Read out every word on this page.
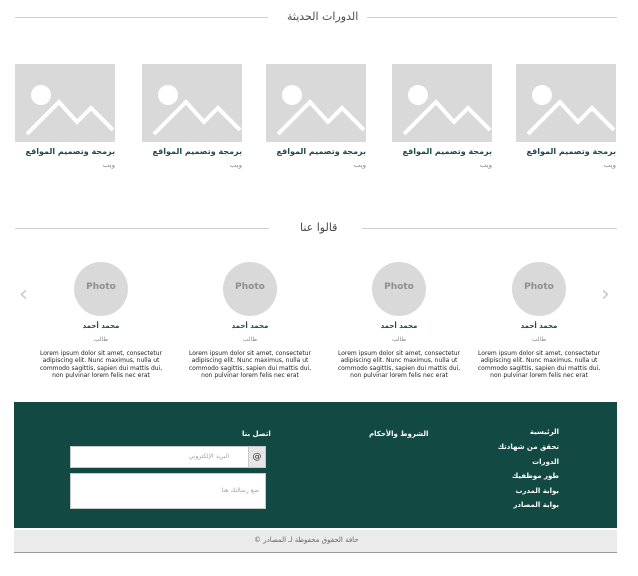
الدورات الحديثة
برمجة وتصميم المواقع
ويب
برمجة وتصميم المواقع
ويب
برمجة وتصميم المواقع
ويب
برمجة وتصميم المواقع
ويب
برمجة وتصميم المواقع
ويب
قالوا عنا
‹	›
Photo
محمد أحمد
طالب
Lorem ipsum dolor sit amet, consectetur adipiscing elit. Nunc maximus, nulla ut commodo sagittis, sapien dui mattis dui, non pulvinar lorem felis nec erat
Photo
محمد أحمد
طالب
Lorem ipsum dolor sit amet, consectetur adipiscing elit. Nunc maximus, nulla ut commodo sagittis, sapien dui mattis dui, non pulvinar lorem felis nec erat
Photo
محمد أحمد
طالب
Lorem ipsum dolor sit amet, consectetur adipiscing elit. Nunc maximus, nulla ut commodo sagittis, sapien dui mattis dui, non pulvinar lorem felis nec erat
Photo
محمد أحمد
طالب
Lorem ipsum dolor sit amet, consectetur adipiscing elit. Nunc maximus, nulla ut commodo sagittis, sapien dui mattis dui, non pulvinar lorem felis nec erat
اتصل بنا	الشروط والأحكام	الرئيسية
تحقق من شهادتك
الدورات
طور موظفيك
بوابة المدرب
بوابة المصادر
البريد الإلكتروني	@
ضع رسالتك هنا
© حافة الحقوق محفوظة لـ المصادر
